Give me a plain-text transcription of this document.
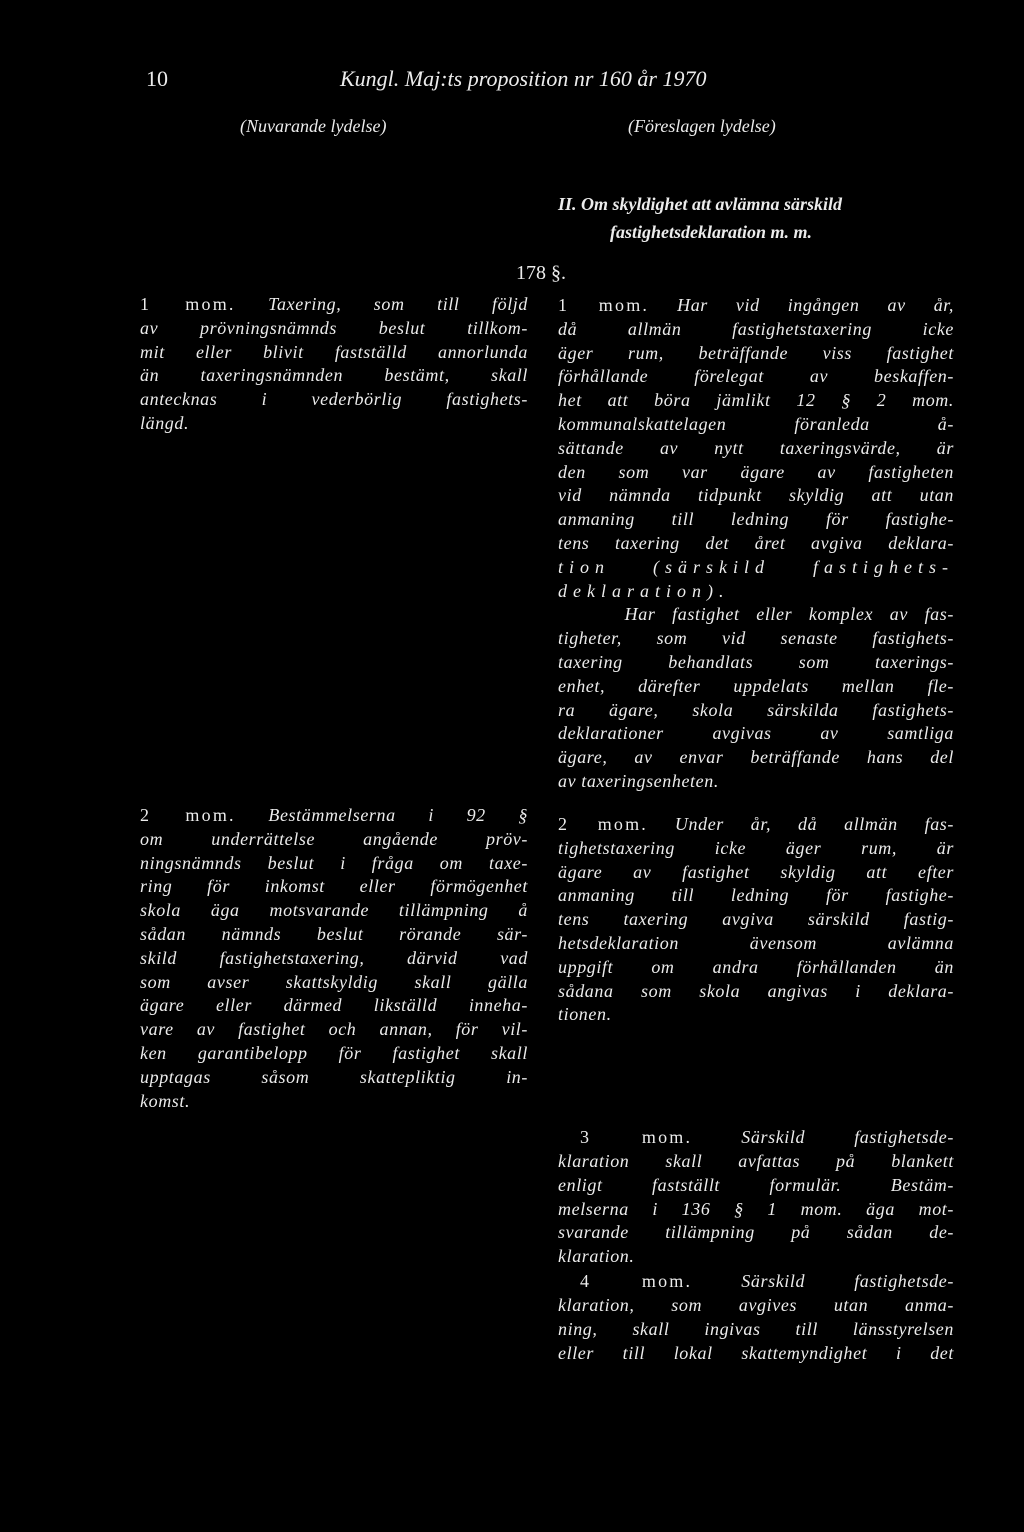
10	Kungl. Maj:ts proposition nr 160 år 1970
(Nuvarande lydelse)	(Föreslagen lydelse)
II. Om skyldighet att avlämna särskild
fastighetsdeklaration m. m.
178 §.
1 mom. Taxering, som till följd
av prövningsnämnds beslut tillkom-
mit eller blivit fastställd annorlunda
än taxeringsnämnden bestämt, skall
antecknas i vederbörlig fastighets-
längd.
2 mom. Bestämmelserna i 92 §
om underrättelse angående pröv-
ningsnämnds beslut i fråga om taxe-
ring för inkomst eller förmögenhet
skola äga motsvarande tillämpning å
sådan nämnds beslut rörande sär-
skild fastighetstaxering, därvid vad
som avser skattskyldig skall gälla
ägare eller därmed likställd inneha-
vare av fastighet och annan, för vil-
ken garantibelopp för fastighet skall
upptagas såsom skattepliktig in-
komst.
1 mom. Har vid ingången av år,
då allmän fastighetstaxering icke
äger rum, beträffande viss fastighet
förhållande förelegat av beskaffen-
het att böra jämlikt 12 § 2 mom.
kommunalskattelagen föranleda å-
sättande av nytt taxeringsvärde, är
den som var ägare av fastigheten
vid nämnda tidpunkt skyldig att utan
anmaning till ledning för fastighe-
tens taxering det året avgiva deklara-
tion (särskild fastighets-
deklaration).
Har fastighet eller komplex av fas-
tigheter, som vid senaste fastighets-
taxering behandlats som taxerings-
enhet, därefter uppdelats mellan fle-
ra ägare, skola särskilda fastighets-
deklarationer avgivas av samtliga
ägare, av envar beträffande hans del
av taxeringsenheten.
2 mom. Under år, då allmän fas-
tighetstaxering icke äger rum, är
ägare av fastighet skyldig att efter
anmaning till ledning för fastighe-
tens taxering avgiva särskild fastig-
hetsdeklaration ävensom avlämna
uppgift om andra förhållanden än
sådana som skola angivas i deklara-
tionen.
3 mom. Särskild fastighetsde-
klaration skall avfattas på blankett
enligt fastställt formulär. Bestäm-
melserna i 136 § 1 mom. äga mot-
svarande tillämpning på sådan de-
klaration.
4 mom. Särskild fastighetsde-
klaration, som avgives utan anma-
ning, skall ingivas till länsstyrelsen
eller till lokal skattemyndighet i det
